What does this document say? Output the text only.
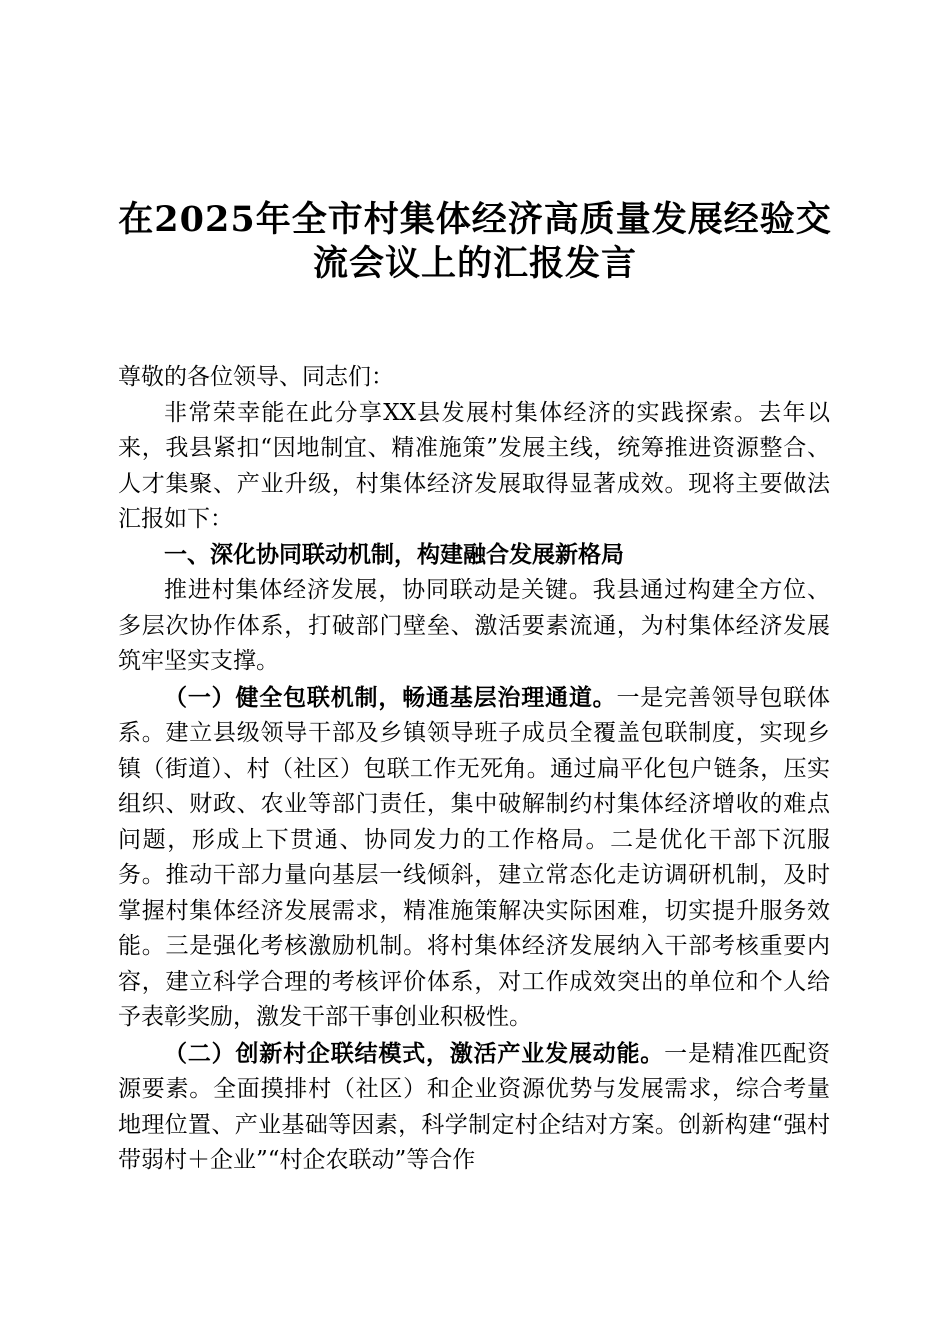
在2025年全市村集体经济高质量发展经验交
流会议上的汇报发言

尊敬的各位领导、同志们：

非常荣幸能在此分享XX县发展村集体经济的实践探索。去年以来，我县紧扣“因地制宜、精准施策”发展主线，统筹推进资源整合、人才集聚、产业升级，村集体经济发展取得显著成效。现将主要做法汇报如下：

一、深化协同联动机制，构建融合发展新格局

推进村集体经济发展，协同联动是关键。我县通过构建全方位、多层次协作体系，打破部门壁垒、激活要素流通，为村集体经济发展筑牢坚实支撑。

（一）健全包联机制，畅通基层治理通道。一是完善领导包联体系。建立县级领导干部及乡镇领导班子成员全覆盖包联制度，实现乡镇（街道）、村（社区）包联工作无死角。通过扁平化包户链条，压实组织、财政、农业等部门责任，集中破解制约村集体经济增收的难点问题，形成上下贯通、协同发力的工作格局。二是优化干部下沉服务。推动干部力量向基层一线倾斜，建立常态化走访调研机制，及时掌握村集体经济发展需求，精准施策解决实际困难，切实提升服务效能。三是强化考核激励机制。将村集体经济发展纳入干部考核重要内容，建立科学合理的考核评价体系，对工作成效突出的单位和个人给予表彰奖励，激发干部干事创业积极性。

（二）创新村企联结模式，激活产业发展动能。一是精准匹配资源要素。全面摸排村（社区）和企业资源优势与发展需求，综合考量地理位置、产业基础等因素，科学制定村企结对方案。创新构建“强村带弱村＋企业”“村企农联动”等合作
